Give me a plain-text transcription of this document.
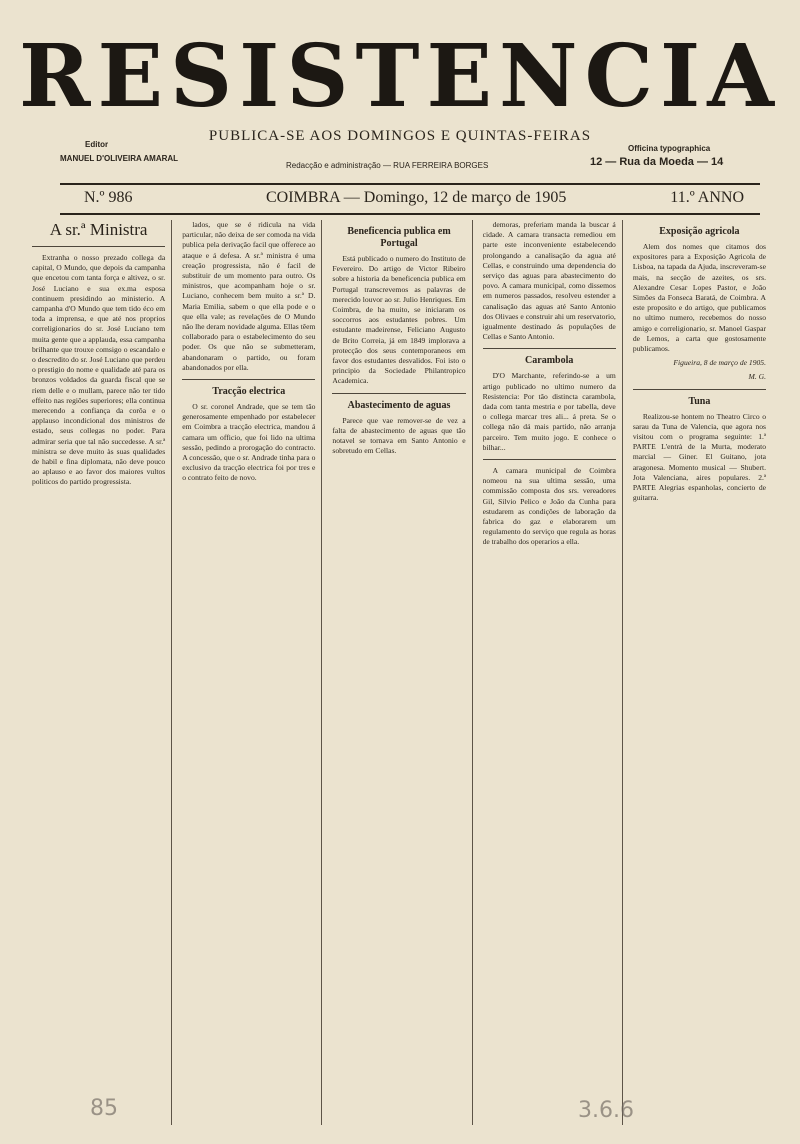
RESISTENCIA
PUBLICA-SE AOS DOMINGOS E QUINTAS-FEIRAS
Editor
MANUEL D'OLIVEIRA AMARAL
Redacção e administração — RUA FERREIRA BORGES
Officina typographica
12 — Rua da Moeda — 14
N.º 986	COIMBRA — Domingo, 12 de março de 1905	11.º ANNO
A sr.ª Ministra

Extranha o nosso prezado collega da capital, O Mundo, que depois da campanha que encetou com tanta força e altivez, o sr. José Luciano e sua ex.ma esposa continuem presidindo ao ministerio. A campanha d'O Mundo que tem tido éco em toda a imprensa, e que até nos proprios correligionarios do sr. José Luciano tem muita gente que a applauda, essa campanha brilhante que trouxe comsigo o escandalo e o descredito do sr. José Luciano que perdeu o prestigio do nome e qualidade até para os bronzos voldados da guarda fiscal que se riem delle e o mullam, parece não ter tido effeito nas regiões superiores; ella continua merecendo a confiança da corôa e o applauso incondicional dos ministros de estado, seus collegas no poder. Para admirar seria que tal não succedesse. A sr.ª ministra se deve muito às suas qualidades de habil e fina diplomata, não deve pouco ao aplauso e ao favor dos maiores vultos politicos do partido progressista.

lados, que se é ridicula na vida particular, não deixa de ser comoda na vida publica pela derivação facil que offerece ao ataque e á defesa. A sr.ª ministra é uma creação progressista, não é facil de substituir de um momento para outro. Os ministros, que acompanham hoje o sr. Luciano, conhecem bem muito a sr.ª D. Maria Emilia, sabem o que ella pode e o que ella vale; as revelações de O Mundo não lhe deram novidade alguma. Ellas têem collaborado para o estabelecimento do seu poder. Os que não se submetteram, abandonaram o partido, ou foram abandonados por ella.

Tracção electrica

O sr. coronel Andrade, que se tem tão generosamente empenhado por estabelecer em Coimbra a tracção electrica, mandou á camara um officio, que foi lido na ultima sessão, pedindo a prorogação do contracto. A concessão, que o sr. Andrade tinha para o exclusivo da tracção electrica foi por tres e o contrato feito de novo.

Beneficencia publica em Portugal

Está publicado o numero do Instituto de Fevereiro. Do artigo de Victor Ribeiro sobre a historia da beneficencia publica em Portugal transcrevemos as palavras de merecido louvor ao sr. Julio Henriques. Em Coimbra, de ha muito, se iniciaram os soccorros aos estudantes pobres. Um estudante madeirense, Feliciano Augusto de Brito Correia, já em 1849 implorava a protecção dos seus contemporaneos em favor dos estudantes desvalidos. Foi isto o principio da Sociedade Philantropico Academica.

Abastecimento de aguas

Parece que vae remover-se de vez a falta de abastecimento de aguas que tão notavel se tornava em Santo Antonio e sobretudo em Cellas.

demoras, preferiam manda la buscar á cidade. A camara transacta remediou em parte este inconveniente estabelecendo prolongando a canalisação da agua até Cellas, e construindo uma dependencia do serviço das aguas para abastecimento do povo. A camara municipal, como dissemos em numeros passados, resolveu estender a canalisação das aguas até Santo Antonio dos Olivaes e construir ahi um reservatorio, igualmente destinado ás populações de Cellas e Santo Antonio.

Carambola

D'O Marchante, referindo-se a um artigo publicado no ultimo numero da Resistencia: Por tão distincta carambola, dada com tanta mestria e por tabella, deve o collega marcar tres ali... á preta. Se o collega não dá mais partido, não arranja parceiro. Tem muito jogo. E conhece o bilhar...

A camara municipal de Coimbra nomeou na sua ultima sessão, uma commissão composta dos srs. vereadores Gil, Silvio Pelico e João da Cunha para estudarem as condições de laboração da fabrica do gaz e elaborarem um regulamento do serviço que regula as horas de trabalho dos operarios a ella.

Exposição agricola

Alem dos nomes que citamos dos expositores para a Exposição Agricola de Lisboa, na tapada da Ajuda, inscreveram-se mais, na secção de azeites, os srs. Alexandre Cesar Lopes Pastor, e João Simões da Fonseca Baratá, de Coimbra. A este proposito e do artigo, que publicamos no ultimo numero, recebemos do nosso amigo e correligionario, sr. Manoel Gaspar de Lemos, a carta que gostosamente publicamos.

Figueira, 8 de março de 1905.

M. G.

Tuna

Realizou-se hontem no Theatro Circo o sarau da Tuna de Valencia, que agora nos visitou com o programa seguinte: 1.ª PARTE L'entrà de la Murta, moderato marcial — Giner. El Guitano, jota aragonesa. Momento musical — Shubert. Jota Valenciana, aires populares. 2.ª PARTE Alegrias espanholas, concierto de guitarra.

85	3.6.6
